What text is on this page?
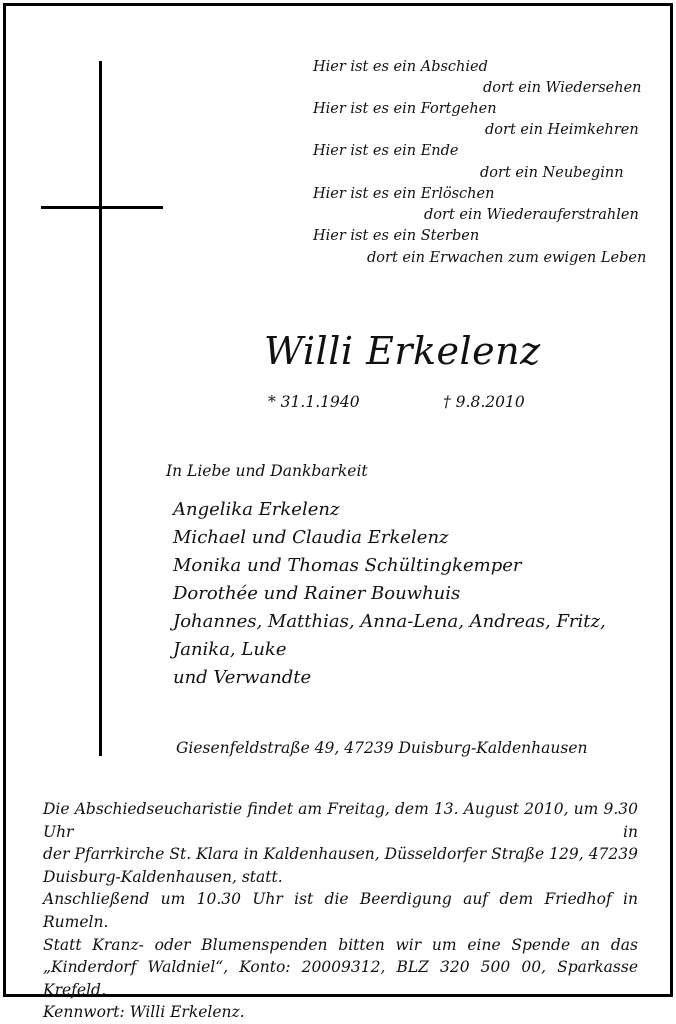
Hier ist es ein Abschied
dort ein Wiedersehen
Hier ist es ein Fortgehen
dort ein Heimkehren
Hier ist es ein Ende
dort ein Neubeginn
Hier ist es ein Erlöschen
dort ein Wiederauferstrahlen
Hier ist es ein Sterben
dort ein Erwachen zum ewigen Leben
Willi Erkelenz
* 31.1.1940	† 9.8.2010
In Liebe und Dankbarkeit
Angelika Erkelenz
Michael und Claudia Erkelenz
Monika und Thomas Schültingkemper
Dorothée und Rainer Bouwhuis
Johannes, Matthias, Anna-Lena, Andreas, Fritz,
Janika, Luke
und Verwandte
Giesenfeldstraße 49, 47239 Duisburg-Kaldenhausen
Die Abschiedseucharistie findet am Freitag, dem 13. August 2010, um 9.30 Uhr in
der Pfarrkirche St. Klara in Kaldenhausen, Düsseldorfer Straße 129, 47239
Duisburg-Kaldenhausen, statt.
Anschließend um 10.30 Uhr ist die Beerdigung auf dem Friedhof in Rumeln.
Statt Kranz- oder Blumenspenden bitten wir um eine Spende an das
„Kinderdorf Waldniel“, Konto: 20009312, BLZ 320 500 00, Sparkasse Krefeld,
Kennwort: Willi Erkelenz.
